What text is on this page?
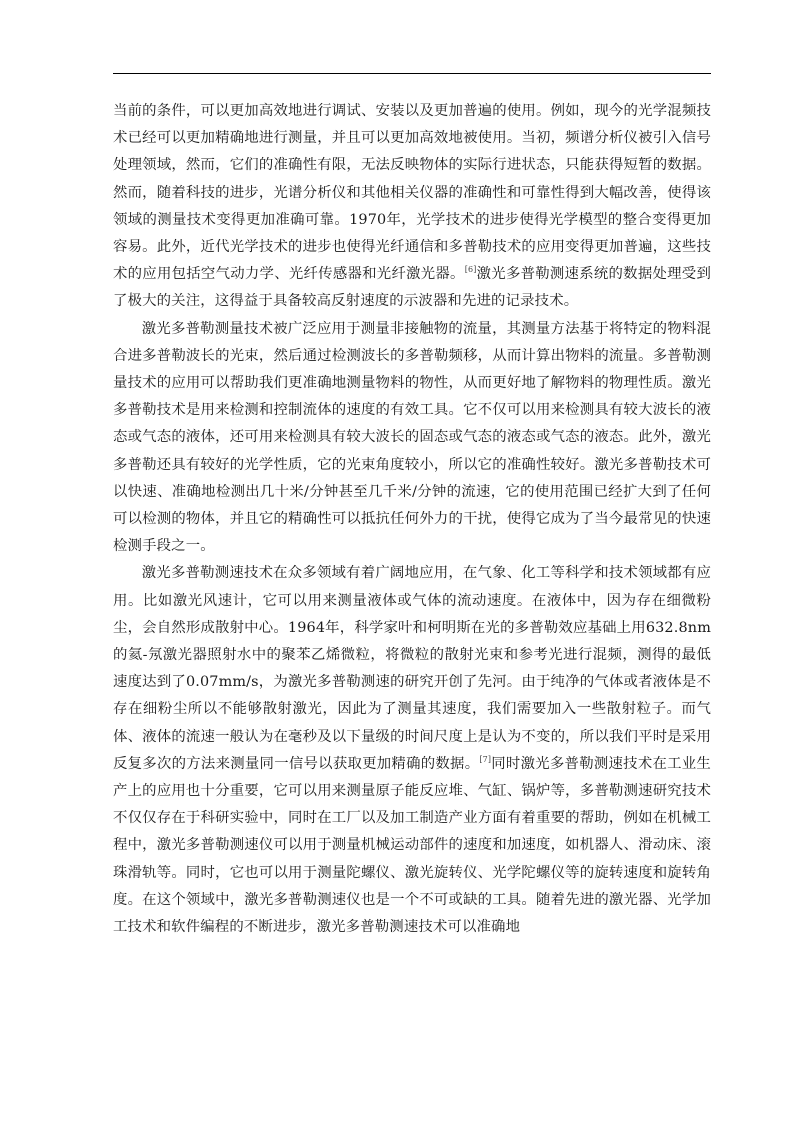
当前的条件，可以更加高效地进行调试、安装以及更加普遍的使用。例如，现今的光学混频技术已经可以更加精确地进行测量，并且可以更加高效地被使用。当初，频谱分析仪被引入信号处理领域，然而，它们的准确性有限，无法反映物体的实际行进状态，只能获得短暂的数据。然而，随着科技的进步，光谱分析仪和其他相关仪器的准确性和可靠性得到大幅改善，使得该领域的测量技术变得更加准确可靠。1970年，光学技术的进步使得光学模型的整合变得更加容易。此外，近代光学技术的进步也使得光纤通信和多普勒技术的应用变得更加普遍，这些技术的应用包括空气动力学、光纤传感器和光纤激光器。[6]激光多普勒测速系统的数据处理受到了极大的关注，这得益于具备较高反射速度的示波器和先进的记录技术。

激光多普勒测量技术被广泛应用于测量非接触物的流量，其测量方法基于将特定的物料混合进多普勒波长的光束，然后通过检测波长的多普勒频移，从而计算出物料的流量。多普勒测量技术的应用可以帮助我们更准确地测量物料的物性，从而更好地了解物料的物理性质。激光多普勒技术是用来检测和控制流体的速度的有效工具。它不仅可以用来检测具有较大波长的液态或气态的液体，还可用来检测具有较大波长的固态或气态的液态或气态的液态。此外，激光多普勒还具有较好的光学性质，它的光束角度较小，所以它的准确性较好。激光多普勒技术可以快速、准确地检测出几十米/分钟甚至几千米/分钟的流速，它的使用范围已经扩大到了任何可以检测的物体，并且它的精确性可以抵抗任何外力的干扰，使得它成为了当今最常见的快速检测手段之一。

激光多普勒测速技术在众多领域有着广阔地应用，在气象、化工等科学和技术领域都有应用。比如激光风速计，它可以用来测量液体或气体的流动速度。在液体中，因为存在细微粉尘，会自然形成散射中心。1964年，科学家叶和柯明斯在光的多普勒效应基础上用632.8nm的氦-氖激光器照射水中的聚苯乙烯微粒，将微粒的散射光束和参考光进行混频，测得的最低速度达到了0.07mm/s，为激光多普勒测速的研究开创了先河。由于纯净的气体或者液体是不存在细粉尘所以不能够散射激光，因此为了测量其速度，我们需要加入一些散射粒子。而气体、液体的流速一般认为在毫秒及以下量级的时间尺度上是认为不变的，所以我们平时是采用反复多次的方法来测量同一信号以获取更加精确的数据。[7]同时激光多普勒测速技术在工业生产上的应用也十分重要，它可以用来测量原子能反应堆、气缸、锅炉等，多普勒测速研究技术不仅仅存在于科研实验中，同时在工厂以及加工制造产业方面有着重要的帮助，例如在机械工程中，激光多普勒测速仪可以用于测量机械运动部件的速度和加速度，如机器人、滑动床、滚珠滑轨等。同时，它也可以用于测量陀螺仪、激光旋转仪、光学陀螺仪等的旋转速度和旋转角度。在这个领域中，激光多普勒测速仪也是一个不可或缺的工具。随着先进的激光器、光学加工技术和软件编程的不断进步，激光多普勒测速技术可以准确地
